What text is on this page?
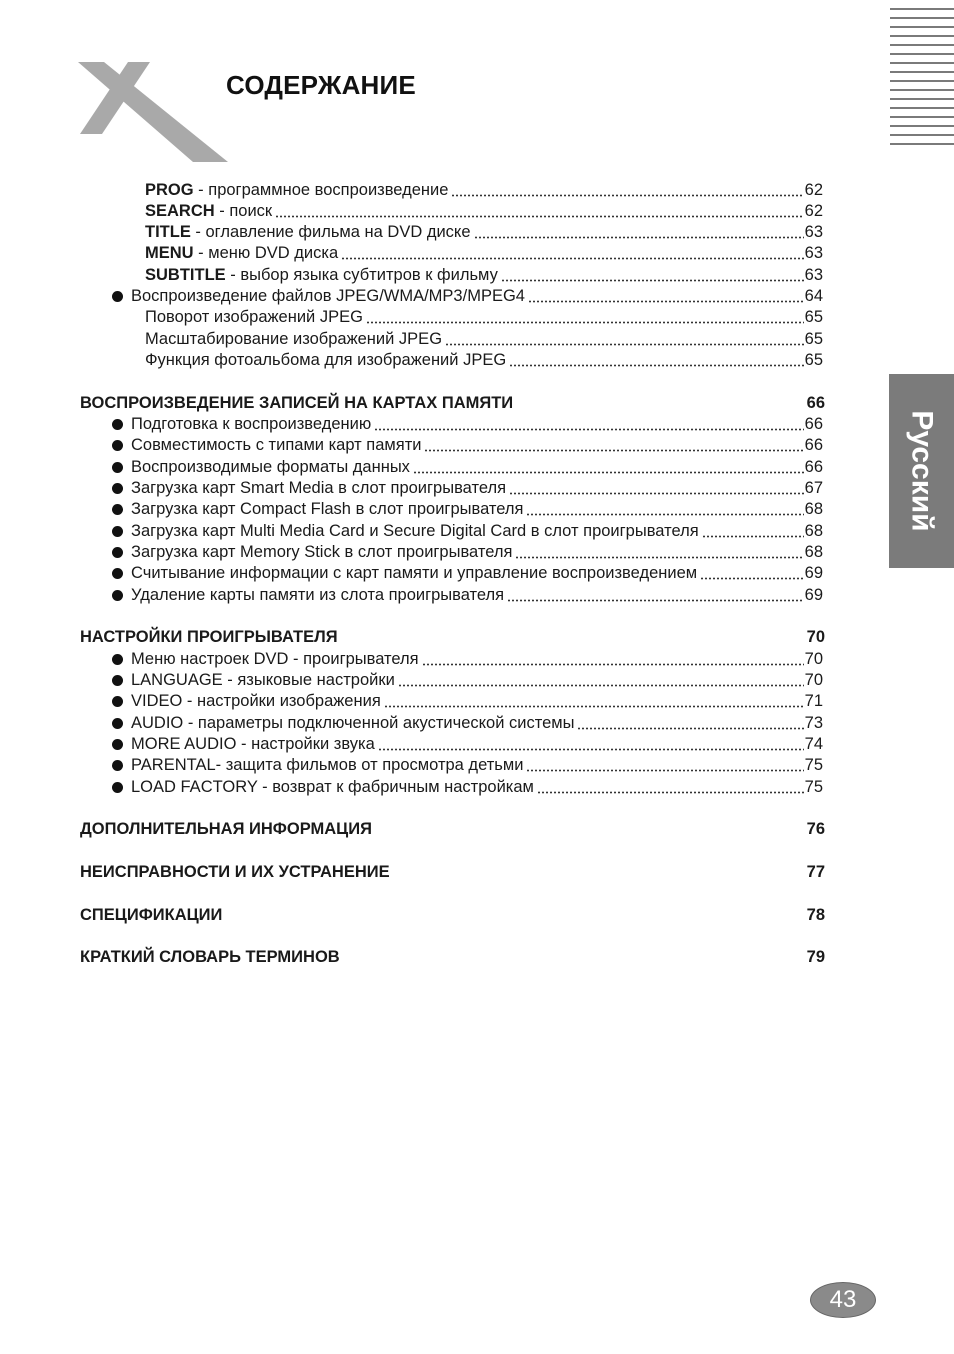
СОДЕРЖАНИЕ
Русский
PROG - программное воспроизведение	62
SEARCH - поиск	62
TITLE - оглавление фильма на DVD диске	63
MENU - меню DVD диска	63
SUBTITLE - выбор языка субтитров к фильму	63
Воспроизведение файлов JPEG/WMA/MP3/MPEG4	64
Поворот изображений JPEG	65
Масштабирование изображений JPEG	65
Функция фотоальбома для изображений JPEG	65
ВОСПРОИЗВЕДЕНИЕ ЗАПИСЕЙ НА КАРТАХ ПАМЯТИ	66
Подготовка к воспроизведению	66
Совместимость с типами карт памяти	66
Воспроизводимые форматы данных	66
Загрузка карт Smart Media в слот проигрывателя	67
Загрузка карт Compact Flash в слот проигрывателя	68
Загрузка карт Multi Media Card и Secure Digital Card в слот проигрывателя	68
Загрузка карт Memory Stick в слот проигрывателя	68
Считывание информации с карт памяти и управление воспроизведением	69
Удаление карты памяти из слота проигрывателя	69
НАСТРОЙКИ ПРОИГРЫВАТЕЛЯ	70
Меню настроек DVD - проигрывателя	70
LANGUAGE - языковые настройки	70
VIDEO - настройки изображения	71
AUDIO - параметры подключенной акустической системы	73
MORE AUDIO - настройки звука	74
PARENTAL- защита фильмов от просмотра детьми	75
LOAD FACTORY - возврат к фабричным настройкам	75
ДОПОЛНИТЕЛЬНАЯ ИНФОРМАЦИЯ	76
НЕИСПРАВНОСТИ И ИХ УСТРАНЕНИЕ	77
СПЕЦИФИКАЦИИ	78
КРАТКИЙ СЛОВАРЬ ТЕРМИНОВ	79
43
